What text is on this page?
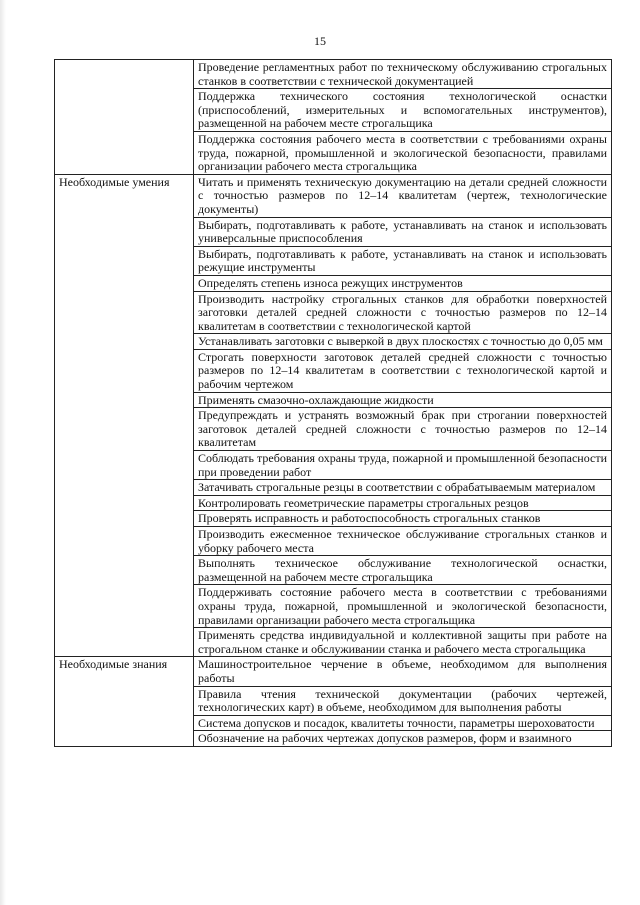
15
	Проведение регламентных работ по техническому обслуживанию строгальных станков в соответствии с технической документацией
	Поддержка технического состояния технологической оснастки (приспособлений, измерительных и вспомогательных инструментов), размещенной на рабочем месте строгальщика
	Поддержка состояния рабочего места в соответствии с требованиями охраны труда, пожарной, промышленной и экологической безопасности, правилами организации рабочего места строгальщика
Необходимые умения	Читать и применять техническую документацию на детали средней сложности с точностью размеров по 12–14 квалитетам (чертеж, технологические документы)
	Выбирать, подготавливать к работе, устанавливать на станок и использовать универсальные приспособления
	Выбирать, подготавливать к работе, устанавливать на станок и использовать режущие инструменты
	Определять степень износа режущих инструментов
	Производить настройку строгальных станков для обработки поверхностей заготовки деталей средней сложности с точностью размеров по 12–14 квалитетам в соответствии с технологической картой
	Устанавливать заготовки с выверкой в двух плоскостях с точностью до 0,05 мм
	Строгать поверхности заготовок деталей средней сложности с точностью размеров по 12–14 квалитетам в соответствии с технологической картой и рабочим чертежом
	Применять смазочно-охлаждающие жидкости
	Предупреждать и устранять возможный брак при строгании поверхностей заготовок деталей средней сложности с точностью размеров по 12–14 квалитетам
	Соблюдать требования охраны труда, пожарной и промышленной безопасности при проведении работ
	Затачивать строгальные резцы в соответствии с обрабатываемым материалом
	Контролировать геометрические параметры строгальных резцов
	Проверять исправность и работоспособность строгальных станков
	Производить ежесменное техническое обслуживание строгальных станков и уборку рабочего места
	Выполнять техническое обслуживание технологической оснастки, размещенной на рабочем месте строгальщика
	Поддерживать состояние рабочего места в соответствии с требованиями охраны труда, пожарной, промышленной и экологической безопасности, правилами организации рабочего места строгальщика
	Применять средства индивидуальной и коллективной защиты при работе на строгальном станке и обслуживании станка и рабочего места строгальщика
Необходимые знания	Машиностроительное черчение в объеме, необходимом для выполнения работы
	Правила чтения технической документации (рабочих чертежей, технологических карт) в объеме, необходимом для выполнения работы
	Система допусков и посадок, квалитеты точности, параметры шероховатости
	Обозначение на рабочих чертежах допусков размеров, форм и взаимного
